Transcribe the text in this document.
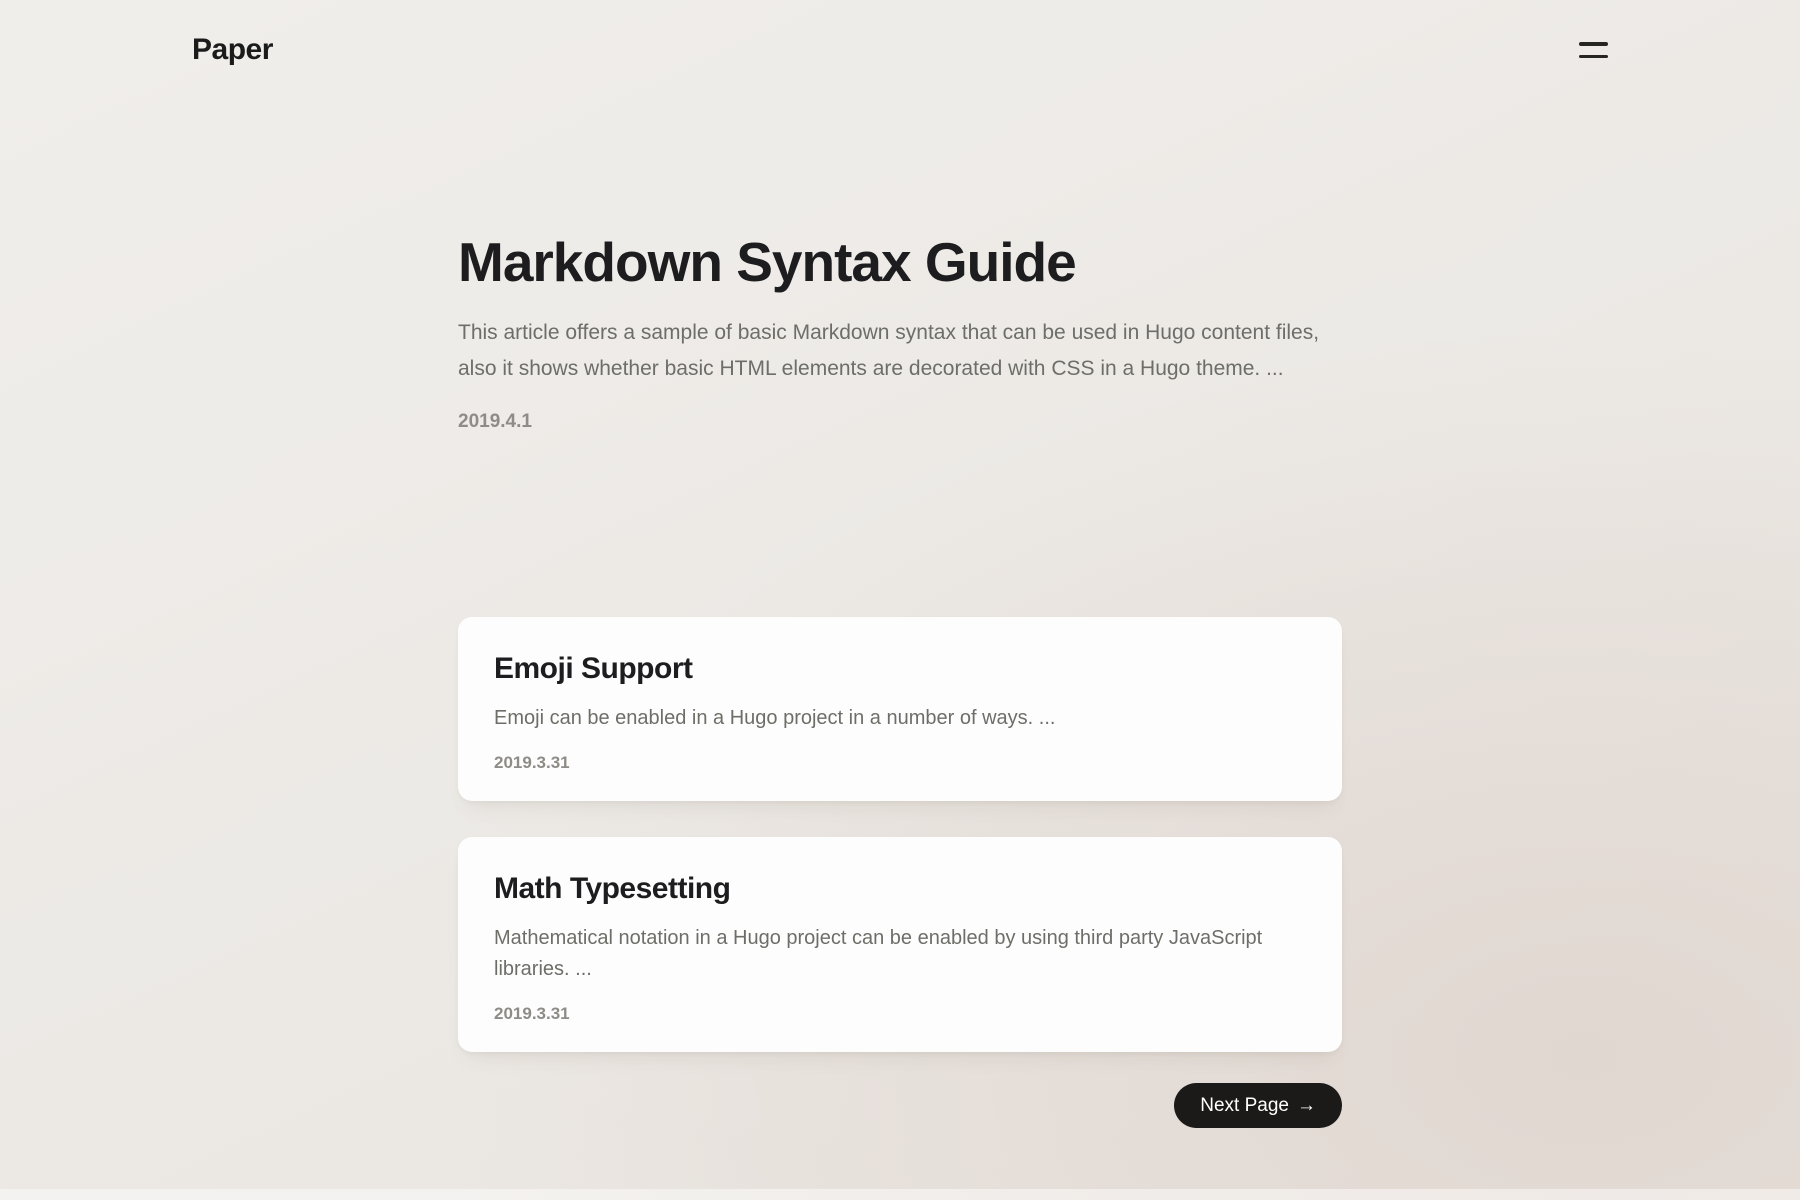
Paper
Markdown Syntax Guide

This article offers a sample of basic Markdown syntax that can be used in Hugo content files, also it shows whether basic HTML elements are decorated with CSS in a Hugo theme. ...

2019.4.1
Emoji Support

Emoji can be enabled in a Hugo project in a number of ways. ...

2019.3.31
Math Typesetting

Mathematical notation in a Hugo project can be enabled by using third party JavaScript libraries. ...

2019.3.31
Next Page →
